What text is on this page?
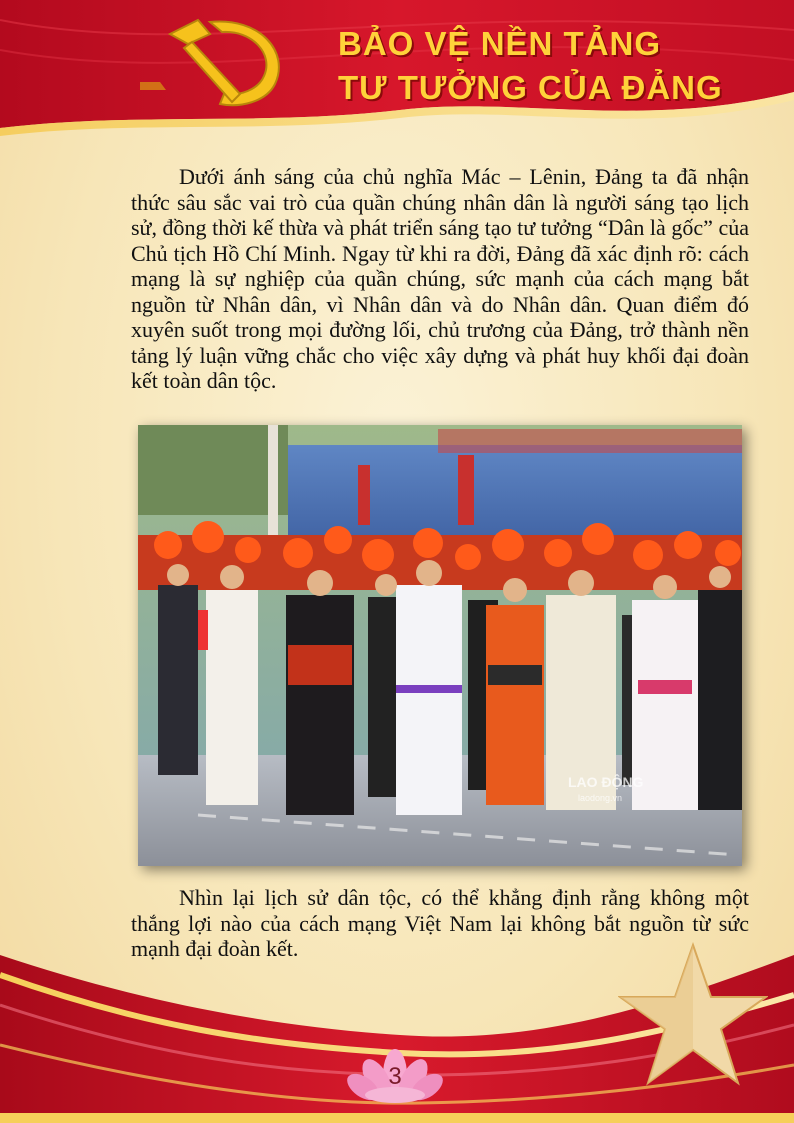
BẢO VỆ NỀN TẢNG
TƯ TƯỞNG CỦA ĐẢNG

Dưới ánh sáng của chủ nghĩa Mác – Lênin, Đảng ta đã nhận thức sâu sắc vai trò của quần chúng nhân dân là người sáng tạo lịch sử, đồng thời kế thừa và phát triển sáng tạo tư tưởng “Dân là gốc” của Chủ tịch Hồ Chí Minh. Ngay từ khi ra đời, Đảng đã xác định rõ: cách mạng là sự nghiệp của quần chúng, sức mạnh của cách mạng bắt nguồn từ Nhân dân, vì Nhân dân và do Nhân dân. Quan điểm đó xuyên suốt trong mọi đường lối, chủ trương của Đảng, trở thành nền tảng lý luận vững chắc cho việc xây dựng và phát huy khối đại đoàn kết toàn dân tộc.

LAO ĐỘNG
laodong.vn

Nhìn lại lịch sử dân tộc, có thể khẳng định rằng không một thắng lợi nào của cách mạng Việt Nam lại không bắt nguồn từ sức mạnh đại đoàn kết.

3
